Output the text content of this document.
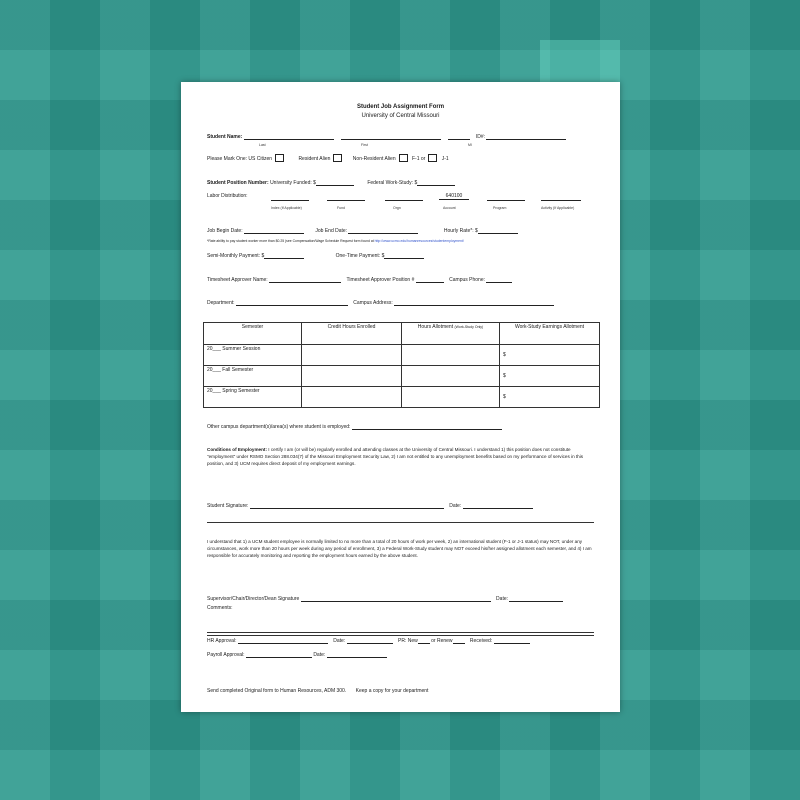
Student Job Assignment Form
University of Central Missouri
Student Name:	ID#:
Last	First	MI
Please Mark One: US Citizen	Resident Alien	Non-Resident Alien	F-1 or	J-1
Student Position Number: University Funded: $	Federal Work-Study: $
Labor Distribution:	640100
Index (If Applicable)	Fund	Orgn	Account	Program	Activity (If Applicable)
Job Begin Date:	Job End Date:	Hourly Rate*: $
*Rate ability to pay student worker more than $0.25 (see Compensation/Wage Schedule Request form found at http://www.ucmo.edu/humanresources/studentemployment/
Semi-Monthly Payment: $	One-Time Payment: $
Timesheet Approver Name:	Timesheet Approver Position #	Campus Phone:
Department:	Campus Address:
Semester	Credit Hours Enrolled	Hours Allotment (Work-Study Only)	Work-Study Earnings Allotment
20___ Summer Session			$
20___ Fall Semester			$
20___ Spring Semester			$
Other campus department(s)/area(s) where student is employed:
Conditions of Employment: I certify I am (or will be) regularly enrolled and attending classes at the University of Central Missouri. I understand 1) this position does not constitute "employment" under RSMO Section 288.034(7) of the Missouri Employment Security Law, 2) I am not entitled to any unemployment benefits based on my performance of services in this position, and 3) UCM requires direct deposit of my employment earnings.
Student Signature:	Date:
I understand that 1) a UCM student employee is normally limited to no more than a total of 20 hours of work per week, 2) an international student (F-1 or J-1 status) may NOT, under any circumstances, work more than 20 hours per week during any period of enrollment, 3) a Federal Work-Study student may NOT exceed his/her assigned allotment each semester, and 4) I am responsible for accurately monitoring and reporting the employment hours earned by the above student.
Supervisor/Chair/Director/Dean Signature	Date:
Comments:
HR Approval:	Date:	PR: New	or Renew	Received:
Payroll Approval:	Date:
Send completed Original form to Human Resources, ADM 300. Keep a copy for your department
